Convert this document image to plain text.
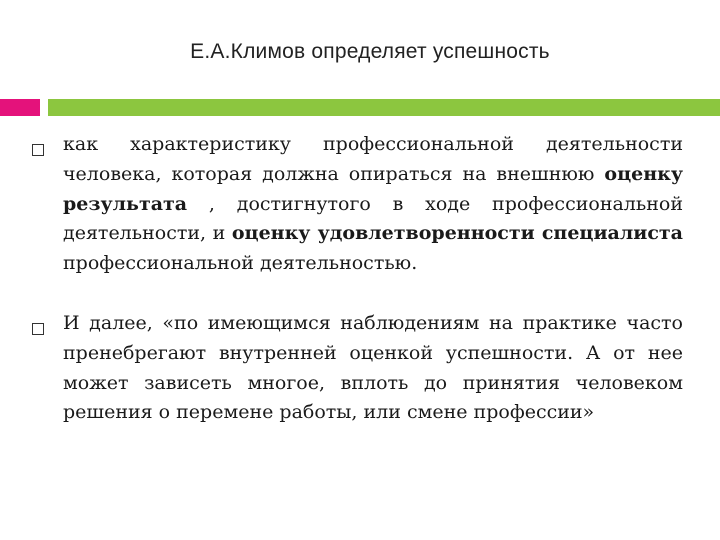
Е.А.Климов определяет успешность
как характеристику профессиональной деятельности человека, которая должна опираться на внешнюю оценку результата , достигнутого в ходе профессиональной деятельности, и оценку удовлетворенности специалиста профессиональной деятельностью.
И далее, «по имеющимся наблюдениям на практике часто пренебрегают внутренней оценкой успешности. А от нее может зависеть многое, вплоть до принятия человеком решения о перемене работы, или смене профессии»
